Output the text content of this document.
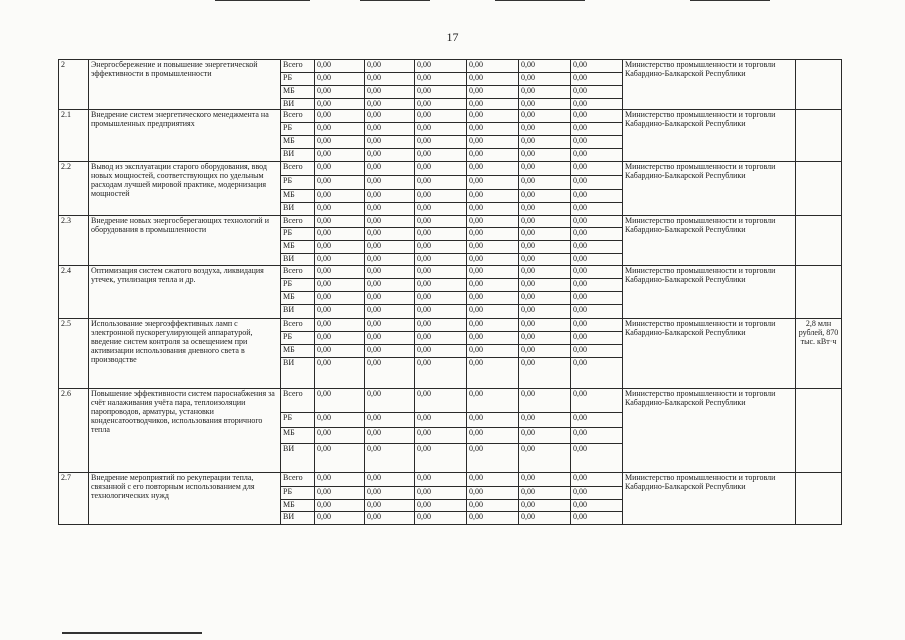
17
2	Энергосбережение и повышение энергетической эффективности в промышленности	Всего	0,00	0,00	0,00	0,00	0,00	0,00	Министерство промышленности и торговли Кабардино-Балкарской Республики	
		РБ	0,00	0,00	0,00	0,00	0,00	0,00		
		МБ	0,00	0,00	0,00	0,00	0,00	0,00		
		ВИ	0,00	0,00	0,00	0,00	0,00	0,00		
2.1	Внедрение систем энергетического менеджмента на промышленных предприятиях	Всего	0,00	0,00	0,00	0,00	0,00	0,00	Министерство промышленности и торговли Кабардино-Балкарской Республики	
		РБ	0,00	0,00	0,00	0,00	0,00	0,00		
		МБ	0,00	0,00	0,00	0,00	0,00	0,00		
		ВИ	0,00	0,00	0,00	0,00	0,00	0,00		
2.2	Вывод из эксплуатации старого оборудования, ввод новых мощностей, соответствующих по удельным расходам лучшей мировой практике, модернизация мощностей	Всего	0,00	0,00	0,00	0,00	0,00	0,00	Министерство промышленности и торговли Кабардино-Балкарской Республики	
		РБ	0,00	0,00	0,00	0,00	0,00	0,00		
		МБ	0,00	0,00	0,00	0,00	0,00	0,00		
		ВИ	0,00	0,00	0,00	0,00	0,00	0,00		
2.3	Внедрение новых энергосберегающих технологий и оборудования в промышленности	Всего	0,00	0,00	0,00	0,00	0,00	0,00	Министерство промышленности и торговли Кабардино-Балкарской Республики	
		РБ	0,00	0,00	0,00	0,00	0,00	0,00		
		МБ	0,00	0,00	0,00	0,00	0,00	0,00		
		ВИ	0,00	0,00	0,00	0,00	0,00	0,00		
2.4	Оптимизация систем сжатого воздуха, ликвидация утечек, утилизация тепла и др.	Всего	0,00	0,00	0,00	0,00	0,00	0,00	Министерство промышленности и торговли Кабардино-Балкарской Республики	
		РБ	0,00	0,00	0,00	0,00	0,00	0,00		
		МБ	0,00	0,00	0,00	0,00	0,00	0,00		
		ВИ	0,00	0,00	0,00	0,00	0,00	0,00		
2.5	Использование энергоэффективных ламп с электронной пускорегулирующей аппаратурой, введение систем контроля за освещением при активизации использования дневного света в производстве	Всего	0,00	0,00	0,00	0,00	0,00	0,00	Министерство промышленности и торговли Кабардино-Балкарской Республики	2,8 млн рублей, 870 тыс. кВт·ч
		РБ	0,00	0,00	0,00	0,00	0,00	0,00		
		МБ	0,00	0,00	0,00	0,00	0,00	0,00		
		ВИ	0,00	0,00	0,00	0,00	0,00	0,00		
2.6	Повышение эффективности систем пароснабжения за счёт налаживания учёта пара, теплоизоляции паропроводов, арматуры, установки конденсатоотводчиков, использования вторичного тепла	Всего	0,00	0,00	0,00	0,00	0,00	0,00	Министерство промышленности и торговли Кабардино-Балкарской Республики	
		РБ	0,00	0,00	0,00	0,00	0,00	0,00		
		МБ	0,00	0,00	0,00	0,00	0,00	0,00		
		ВИ	0,00	0,00	0,00	0,00	0,00	0,00		
2.7	Внедрение мероприятий по рекуперации тепла, связанной с его повторным использованием для технологических нужд	Всего	0,00	0,00	0,00	0,00	0,00	0,00	Министерство промышленности и торговли Кабардино-Балкарской Республики	
		РБ	0,00	0,00	0,00	0,00	0,00	0,00		
		МБ	0,00	0,00	0,00	0,00	0,00	0,00		
		ВИ	0,00	0,00	0,00	0,00	0,00	0,00		
